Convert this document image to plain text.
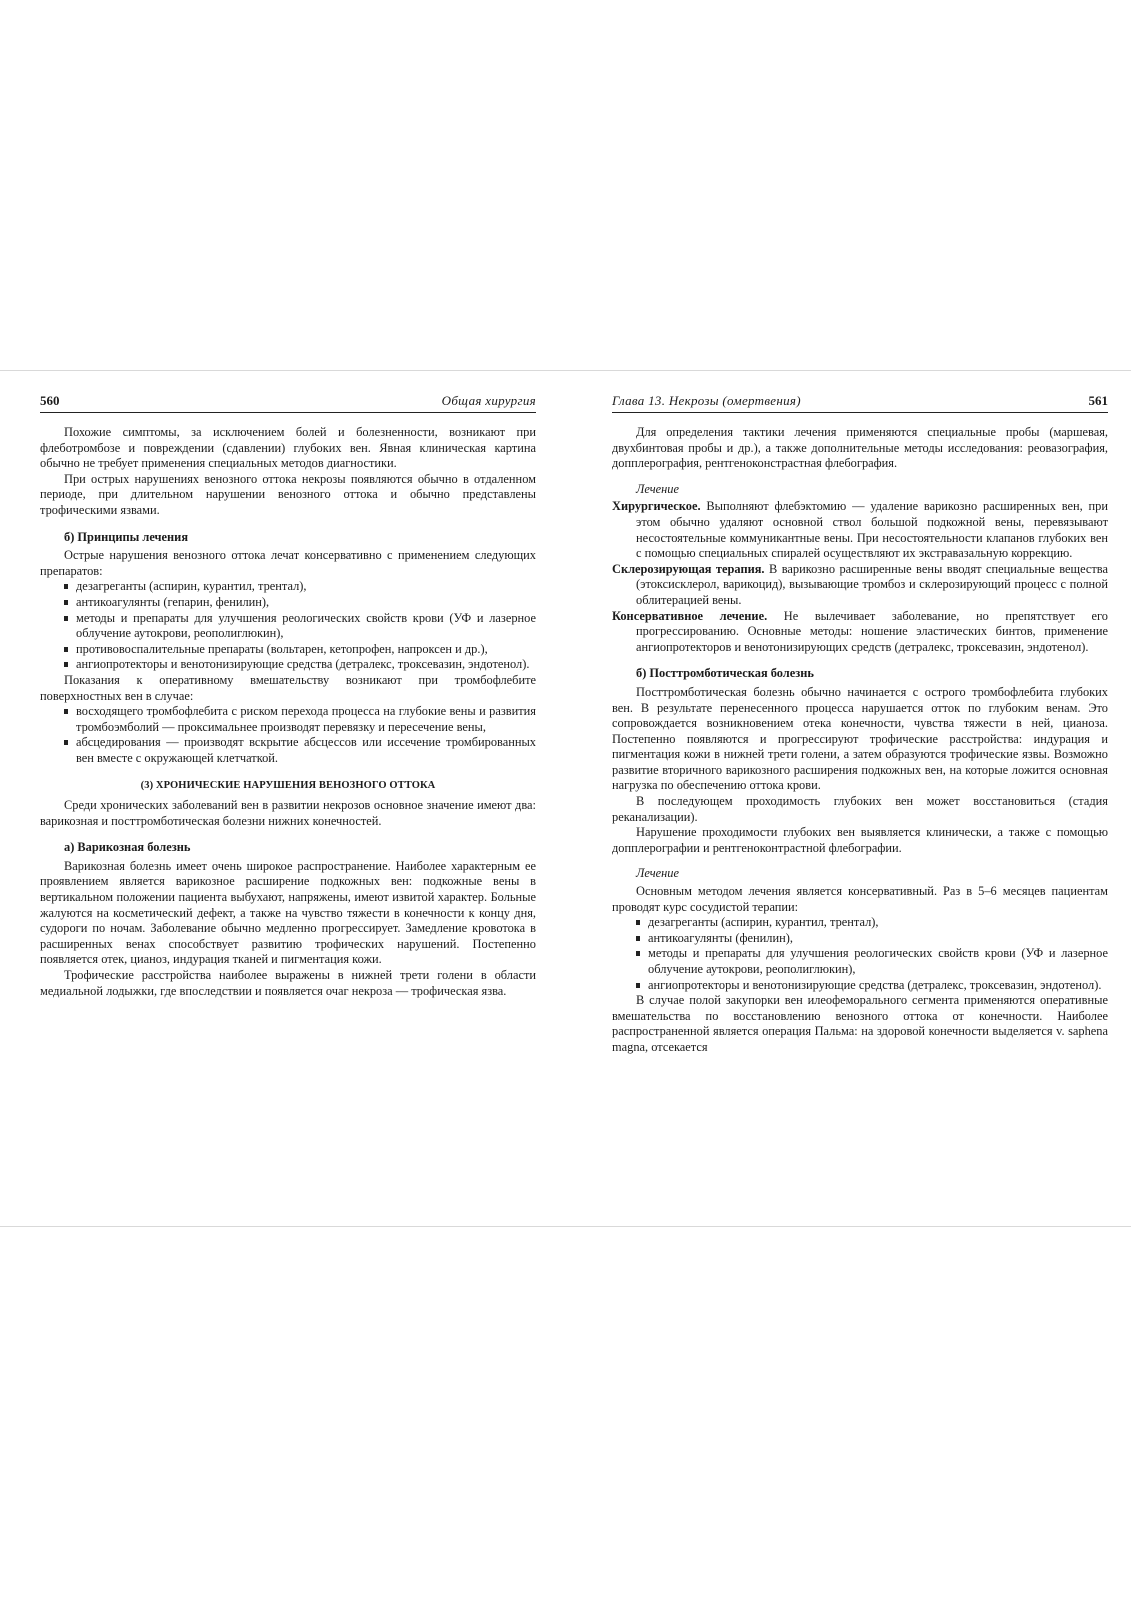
560	Общая хирургия

Похожие симптомы, за исключением болей и болезненности, возникают при флеботромбозе и повреждении (сдавлении) глубоких вен. Явная клиническая картина обычно не требует применения специальных методов диагностики.

При острых нарушениях венозного оттока некрозы появляются обычно в отдаленном периоде, при длительном нарушении венозного оттока и обычно представлены трофическими язвами.

б) Принципы лечения

Острые нарушения венозного оттока лечат консервативно с применением следующих препаратов:

дезагреганты (аспирин, курантил, трентал),
антикоагулянты (гепарин, фенилин),
методы и препараты для улучшения реологических свойств крови (УФ и лазерное облучение аутокрови, реополиглюкин),
противовоспалительные препараты (вольтарен, кетопрофен, напроксен и др.),
ангиопротекторы и венотонизирующие средства (детралекс, троксевазин, эндотенол).

Показания к оперативному вмешательству возникают при тромбофлебите поверхностных вен в случае:

восходящего тромбофлебита с риском перехода процесса на глубокие вены и развития тромбоэмболий — проксимальнее производят перевязку и пересечение вены,
абсцедирования — производят вскрытие абсцессов или иссечение тромбированных вен вместе с окружающей клетчаткой.
(3) ХРОНИЧЕСКИЕ НАРУШЕНИЯ ВЕНОЗНОГО ОТТОКА

Среди хронических заболеваний вен в развитии некрозов основное значение имеют два: варикозная и посттромботическая болезни нижних конечностей.

а) Варикозная болезнь

Варикозная болезнь имеет очень широкое распространение. Наиболее характерным ее проявлением является варикозное расширение подкожных вен: подкожные вены в вертикальном положении пациента выбухают, напряжены, имеют извитой характер. Больные жалуются на косметический дефект, а также на чувство тяжести в конечности к концу дня, судороги по ночам. Заболевание обычно медленно прогрессирует. Замедление кровотока в расширенных венах способствует развитию трофических нарушений. Постепенно появляется отек, цианоз, индурация тканей и пигментация кожи.

Трофические расстройства наиболее выражены в нижней трети голени в области медиальной лодыжки, где впоследствии и появляется очаг некроза — трофическая язва.

Глава 13. Некрозы (омертвения)	561

Для определения тактики лечения применяются специальные пробы (маршевая, двухбинтовая пробы и др.), а также дополнительные методы исследования: реовазография, допплерография, рентгеноконстрастная флебография.

Лечение

Хирургическое. Выполняют флебэктомию — удаление варикозно расширенных вен, при этом обычно удаляют основной ствол большой подкожной вены, перевязывают несостоятельные коммуникантные вены. При несостоятельности клапанов глубоких вен с помощью специальных спиралей осуществляют их экстравазальную коррекцию.

Склерозирующая терапия. В варикозно расширенные вены вводят специальные вещества (этоксисклерол, варикоцид), вызывающие тромбоз и склерозирующий процесс с полной облитерацией вены.

Консервативное лечение. Не вылечивает заболевание, но препятствует его прогрессированию. Основные методы: ношение эластических бинтов, применение ангиопротекторов и венотонизирующих средств (детралекс, троксевазин, эндотенол).

б) Посттромботическая болезнь

Посттромботическая болезнь обычно начинается с острого тромбофлебита глубоких вен. В результате перенесенного процесса нарушается отток по глубоким венам. Это сопровождается возникновением отека конечности, чувства тяжести в ней, цианоза. Постепенно появляются и прогрессируют трофические расстройства: индурация и пигментация кожи в нижней трети голени, а затем образуются трофические язвы. Возможно развитие вторичного варикозного расширения подкожных вен, на которые ложится основная нагрузка по обеспечению оттока крови.

В последующем проходимость глубоких вен может восстановиться (стадия реканализации).

Нарушение проходимости глубоких вен выявляется клинически, а также с помощью допплерографии и рентгеноконтрастной флебографии.

Лечение

Основным методом лечения является консервативный. Раз в 5–6 месяцев пациентам проводят курс сосудистой терапии:

дезагреганты (аспирин, курантил, трентал),
антикоагулянты (фенилин),
методы и препараты для улучшения реологических свойств крови (УФ и лазерное облучение аутокрови, реополиглюкин),
ангиопротекторы и венотонизирующие средства (детралекс, троксевазин, эндотенол).

В случае полой закупорки вен илеофеморального сегмента применяются оперативные вмешательства по восстановлению венозного оттока от конечности. Наиболее распространенной является операция Пальма: на здоровой конечности выделяется v. saphena magna, отсекается
